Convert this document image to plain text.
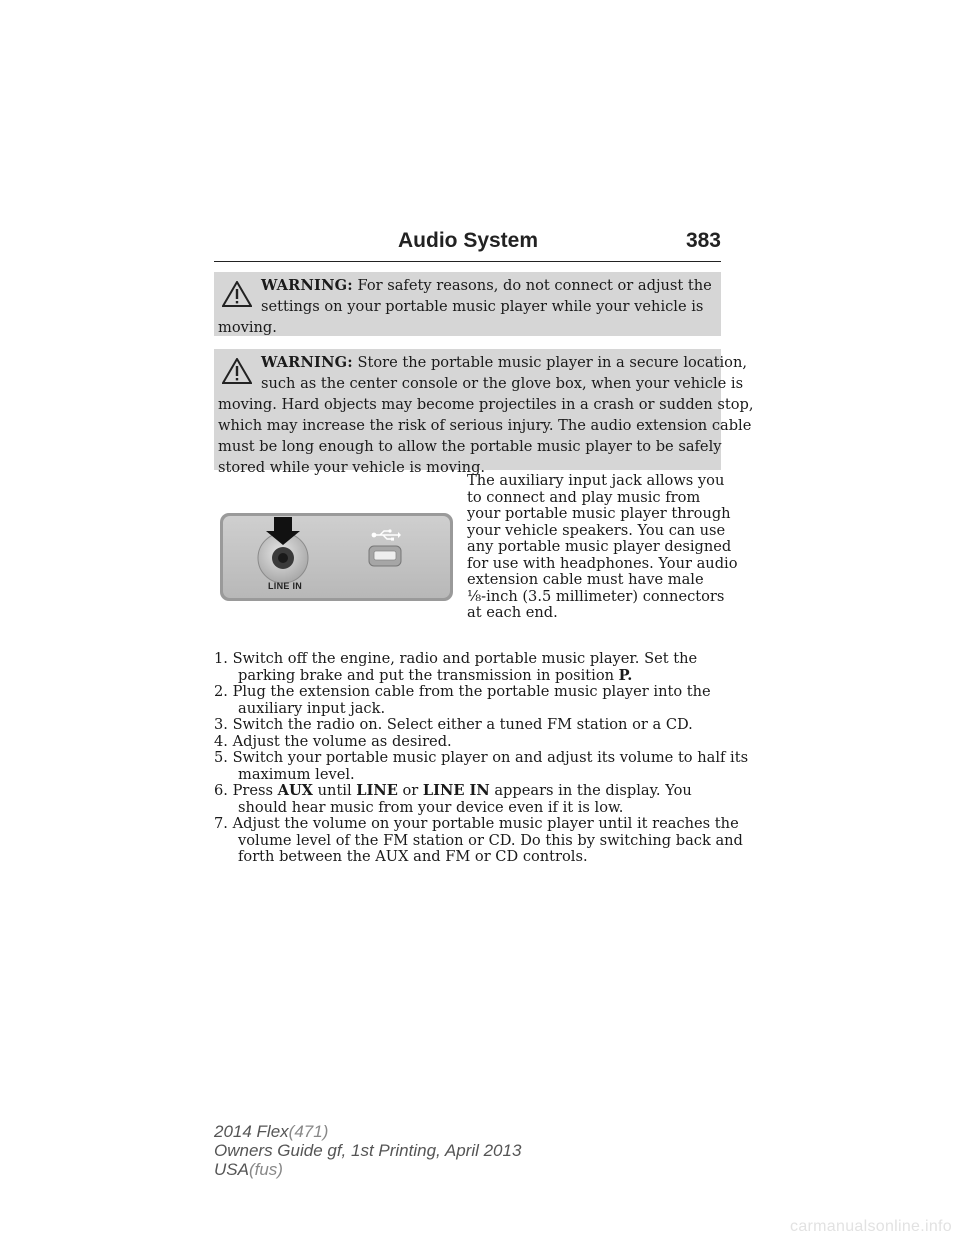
Audio System	383
WARNING: For safety reasons, do not connect or adjust the
settings on your portable music player while your vehicle is
moving.
WARNING: Store the portable music player in a secure location,
such as the center console or the glove box, when your vehicle is
moving. Hard objects may become projectiles in a crash or sudden stop,
which may increase the risk of serious injury. The audio extension cable
must be long enough to allow the portable music player to be safely
stored while your vehicle is moving.
LINE IN
The auxiliary input jack allows you
to connect and play music from
your portable music player through
your vehicle speakers. You can use
any portable music player designed
for use with headphones. Your audio
extension cable must have male
⅛-inch (3.5 millimeter) connectors
at each end.
1. Switch off the engine, radio and portable music player. Set the
parking brake and put the transmission in position P.
2. Plug the extension cable from the portable music player into the
auxiliary input jack.
3. Switch the radio on. Select either a tuned FM station or a CD.
4. Adjust the volume as desired.
5. Switch your portable music player on and adjust its volume to half its
maximum level.
6. Press AUX until LINE or LINE IN appears in the display. You
should hear music from your device even if it is low.
7. Adjust the volume on your portable music player until it reaches the
volume level of the FM station or CD. Do this by switching back and
forth between the AUX and FM or CD controls.
2014 Flex(471)
Owners Guide gf, 1st Printing, April 2013
USA(fus)
carmanualsonline.info
